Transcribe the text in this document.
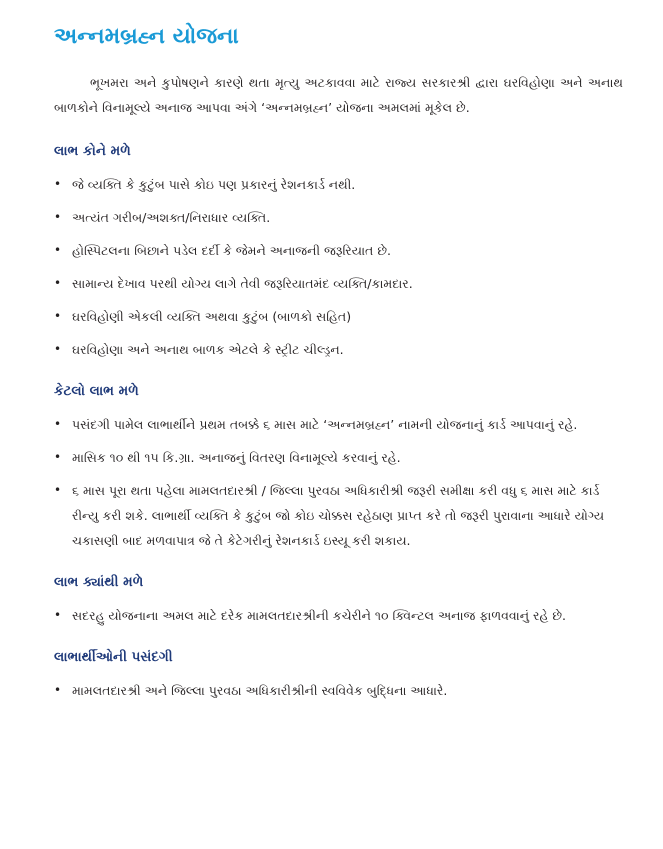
અન્નમબ્રહ્ન યોજના

ભૂખમરા અને કુપોષણને કારણે થતા મૃત્યુ અટકાવવા માટે રાજ્ય સરકારશ્રી દ્વારા ઘરવિહોણા અને અનાથ બાળકોને વિનામૂલ્યે અનાજ આપવા અંગે ‘અન્નમબ્રહ્ન’ યોજના અમલમાં મૂકેલ છે.

લાભ કોને મળે
• જે વ્યક્તિ કે કુટુંબ પાસે કોઇ પણ પ્રકારનું રેશનકાર્ડ નથી.
• અત્યંત ગરીબ/અશક્ત/નિરાધાર વ્યક્તિ.
• હોસ્પિટલના બિછાને પડેલ દર્દી કે જેમને અનાજની જરૂરિયાત છે.
• સામાન્ય દેખાવ પરથી યોગ્ય લાગે તેવી જરૂરિયાતમંદ વ્યક્તિ/કામદાર.
• ઘરવિહોણી એકલી વ્યક્તિ અથવા કુટુંબ (બાળકો સહિત)
• ઘરવિહોણા અને અનાથ બાળક એટલે કે સ્ટ્રીટ ચીલ્ડ્રન.
કેટલો લાભ મળે
• પસંદગી પામેલ લાભાર્થીને પ્રથમ તબક્કે ૬ માસ માટે ‘અન્નમબ્રહ્ન’ નામની યોજનાનું કાર્ડ આપવાનું રહે.
• માસિક ૧૦ થી ૧૫ કિ.ગ્રા. અનાજનું વિતરણ વિનામૂલ્યે કરવાનું રહે.
• ૬ માસ પૂરા થતા પહેલા મામલતદારશ્રી / જિલ્લા પુરવઠા અધિકારીશ્રી જરૂરી સમીક્ષા કરી વધુ ૬ માસ માટે કાર્ડ રીન્યુ કરી શકે. લાભાર્થી વ્યક્તિ કે કુટુંબ જો કોઇ ચોક્કસ રહેઠાણ પ્રાપ્ત કરે તો જરૂરી પુરાવાના આધારે યોગ્ય ચકાસણી બાદ મળવાપાત્ર જે તે કેટેગરીનું રેશનકાર્ડ ઇસ્યૂ કરી શકાય.
લાભ ક્યાંથી મળે
• સદરહુ યોજનાના અમલ માટે દરેક મામલતદારશ્રીની કચેરીને ૧૦ ક્વિન્ટલ અનાજ ફાળવવાનું રહે છે.
લાભાર્થીઓની પસંદગી
• મામલતદારશ્રી અને જિલ્લા પુરવઠા અધિકારીશ્રીની સ્વવિવેક બુદ્ધિના આધારે.
